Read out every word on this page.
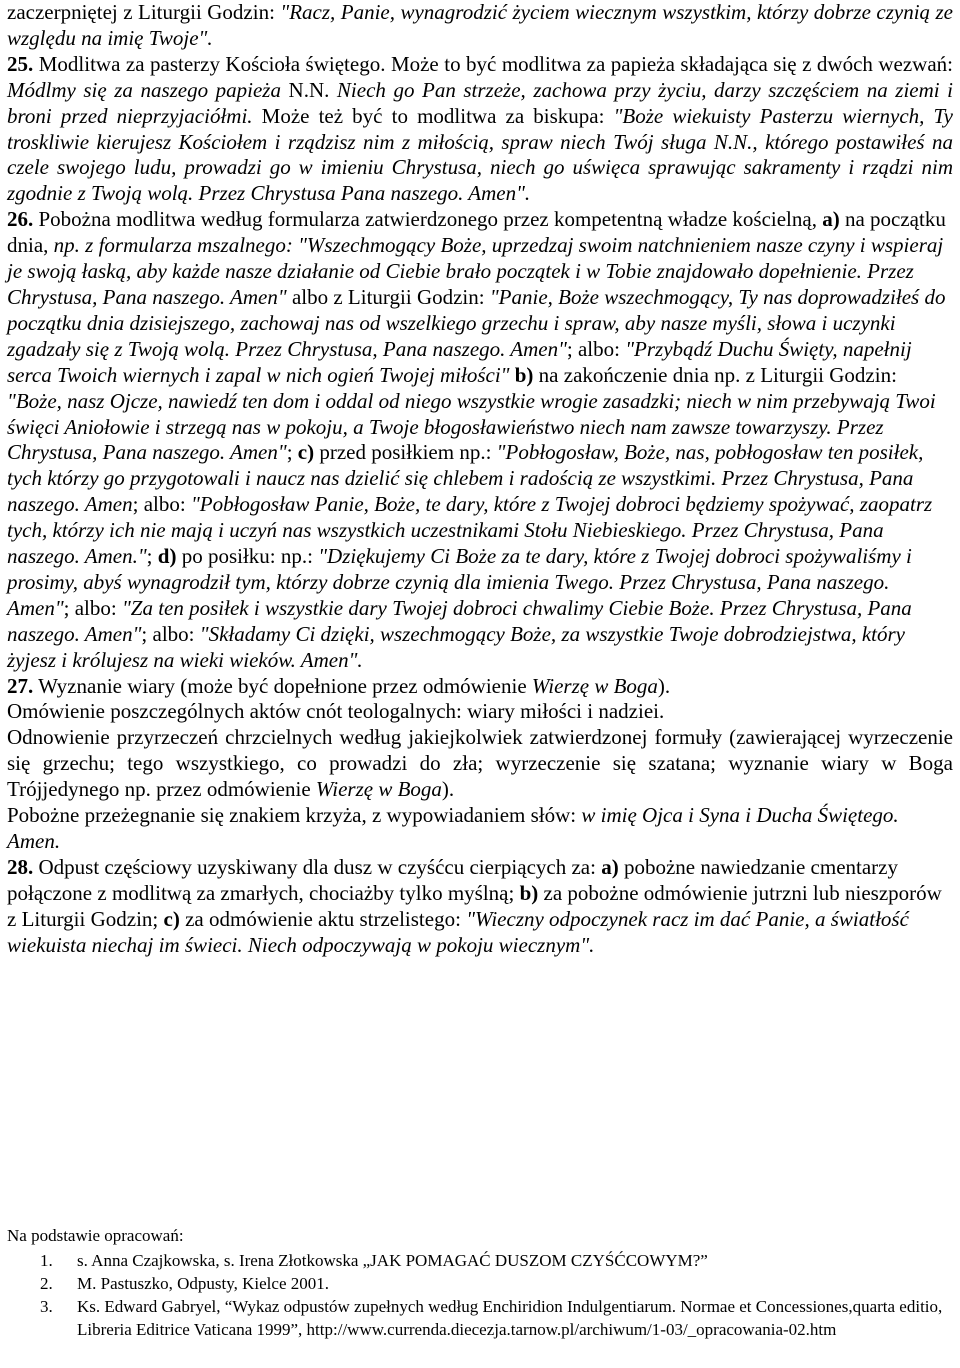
zaczerpniętej z Liturgii Godzin: "Racz, Panie, wynagrodzić życiem wiecznym wszystkim, którzy dobrze czynią ze względu na imię Twoje".

25. Modlitwa za pasterzy Kościoła świętego. Może to być modlitwa za papieża składająca się z dwóch wezwań: Módlmy się za naszego papieża N.N. Niech go Pan strzeże, zachowa przy życiu, darzy szczęściem na ziemi i broni przed nieprzyjaciółmi. Może też być to modlitwa za biskupa: "Boże wiekuisty Pasterzu wiernych, Ty troskliwie kierujesz Kościołem i rządzisz nim z miłością, spraw niech Twój sługa N.N., którego postawiłeś na czele swojego ludu, prowadzi go w imieniu Chrystusa, niech go uświęca sprawując sakramenty i rządzi nim zgodnie z Twoją wolą. Przez Chrystusa Pana naszego. Amen".

26. Pobożna modlitwa według formularza zatwierdzonego przez kompetentną władze kościelną, a) na początku dnia, np. z formularza mszalnego: "Wszechmogący Boże, uprzedzaj swoim natchnieniem nasze czyny i wspieraj je swoją łaską, aby każde nasze działanie od Ciebie brało początek i w Tobie znajdowało dopełnienie. Przez Chrystusa, Pana naszego. Amen" albo z Liturgii Godzin: "Panie, Boże wszechmogący, Ty nas doprowadziłeś do początku dnia dzisiejszego, zachowaj nas od wszelkiego grzechu i spraw, aby nasze myśli, słowa i uczynki zgadzały się z Twoją wolą. Przez Chrystusa, Pana naszego. Amen"; albo: "Przybądź Duchu Święty, napełnij serca Twoich wiernych i zapal w nich ogień Twojej miłości" b) na zakończenie dnia np. z Liturgii Godzin: "Boże, nasz Ojcze, nawiedź ten dom i oddal od niego wszystkie wrogie zasadzki; niech w nim przebywają Twoi święci Aniołowie i strzegą nas w pokoju, a Twoje błogosławieństwo niech nam zawsze towarzyszy. Przez Chrystusa, Pana naszego. Amen"; c) przed posiłkiem np.: "Pobłogosław, Boże, nas, pobłogosław ten posiłek, tych którzy go przygotowali i naucz nas dzielić się chlebem i radością ze wszystkimi. Przez Chrystusa, Pana naszego. Amen; albo: "Pobłogosław Panie, Boże, te dary, które z Twojej dobroci będziemy spożywać, zaopatrz tych, którzy ich nie mają i uczyń nas wszystkich uczestnikami Stołu Niebieskiego. Przez Chrystusa, Pana naszego. Amen."; d) po posiłku: np.: "Dziękujemy Ci Boże za te dary, które z Twojej dobroci spożywaliśmy i prosimy, abyś wynagrodził tym, którzy dobrze czynią dla imienia Twego. Przez Chrystusa, Pana naszego. Amen"; albo: "Za ten posiłek i wszystkie dary Twojej dobroci chwalimy Ciebie Boże. Przez Chrystusa, Pana naszego. Amen"; albo: "Składamy Ci dzięki, wszechmogący Boże, za wszystkie Twoje dobrodziejstwa, który żyjesz i królujesz na wieki wieków. Amen".

27. Wyznanie wiary (może być dopełnione przez odmówienie Wierzę w Boga).

Omówienie poszczególnych aktów cnót teologalnych: wiary miłości i nadziei.

Odnowienie przyrzeczeń chrzcielnych według jakiejkolwiek zatwierdzonej formuły (zawierającej wyrzeczenie się grzechu; tego wszystkiego, co prowadzi do zła; wyrzeczenie się szatana; wyznanie wiary w Boga Trójjedynego np. przez odmówienie Wierzę w Boga).

Pobożne przeżegnanie się znakiem krzyża, z wypowiadaniem słów: w imię Ojca i Syna i Ducha Świętego. Amen.

28. Odpust częściowy uzyskiwany dla dusz w czyśćcu cierpiących za: a) pobożne nawiedzanie cmentarzy połączone z modlitwą za zmarłych, chociażby tylko myślną; b) za pobożne odmówienie jutrzni lub nieszporów z Liturgii Godzin; c) za odmówienie aktu strzelistego: "Wieczny odpoczynek racz im dać Panie, a światłość wiekuista niechaj im świeci. Niech odpoczywają w pokoju wiecznym".

Na podstawie opracowań:
1. s. Anna Czajkowska, s. Irena Złotkowska „JAK POMAGAĆ DUSZOM CZYŚĆCOWYM?”
2. M. Pastuszko, Odpusty, Kielce 2001.
3. Ks. Edward Gabryel, “Wykaz odpustów zupełnych według Enchiridion Indulgentiarum. Normae et Concessiones,quarta editio, Libreria Editrice Vaticana 1999”, http://www.currenda.diecezja.tarnow.pl/archiwum/1-03/_opracowania-02.htm
